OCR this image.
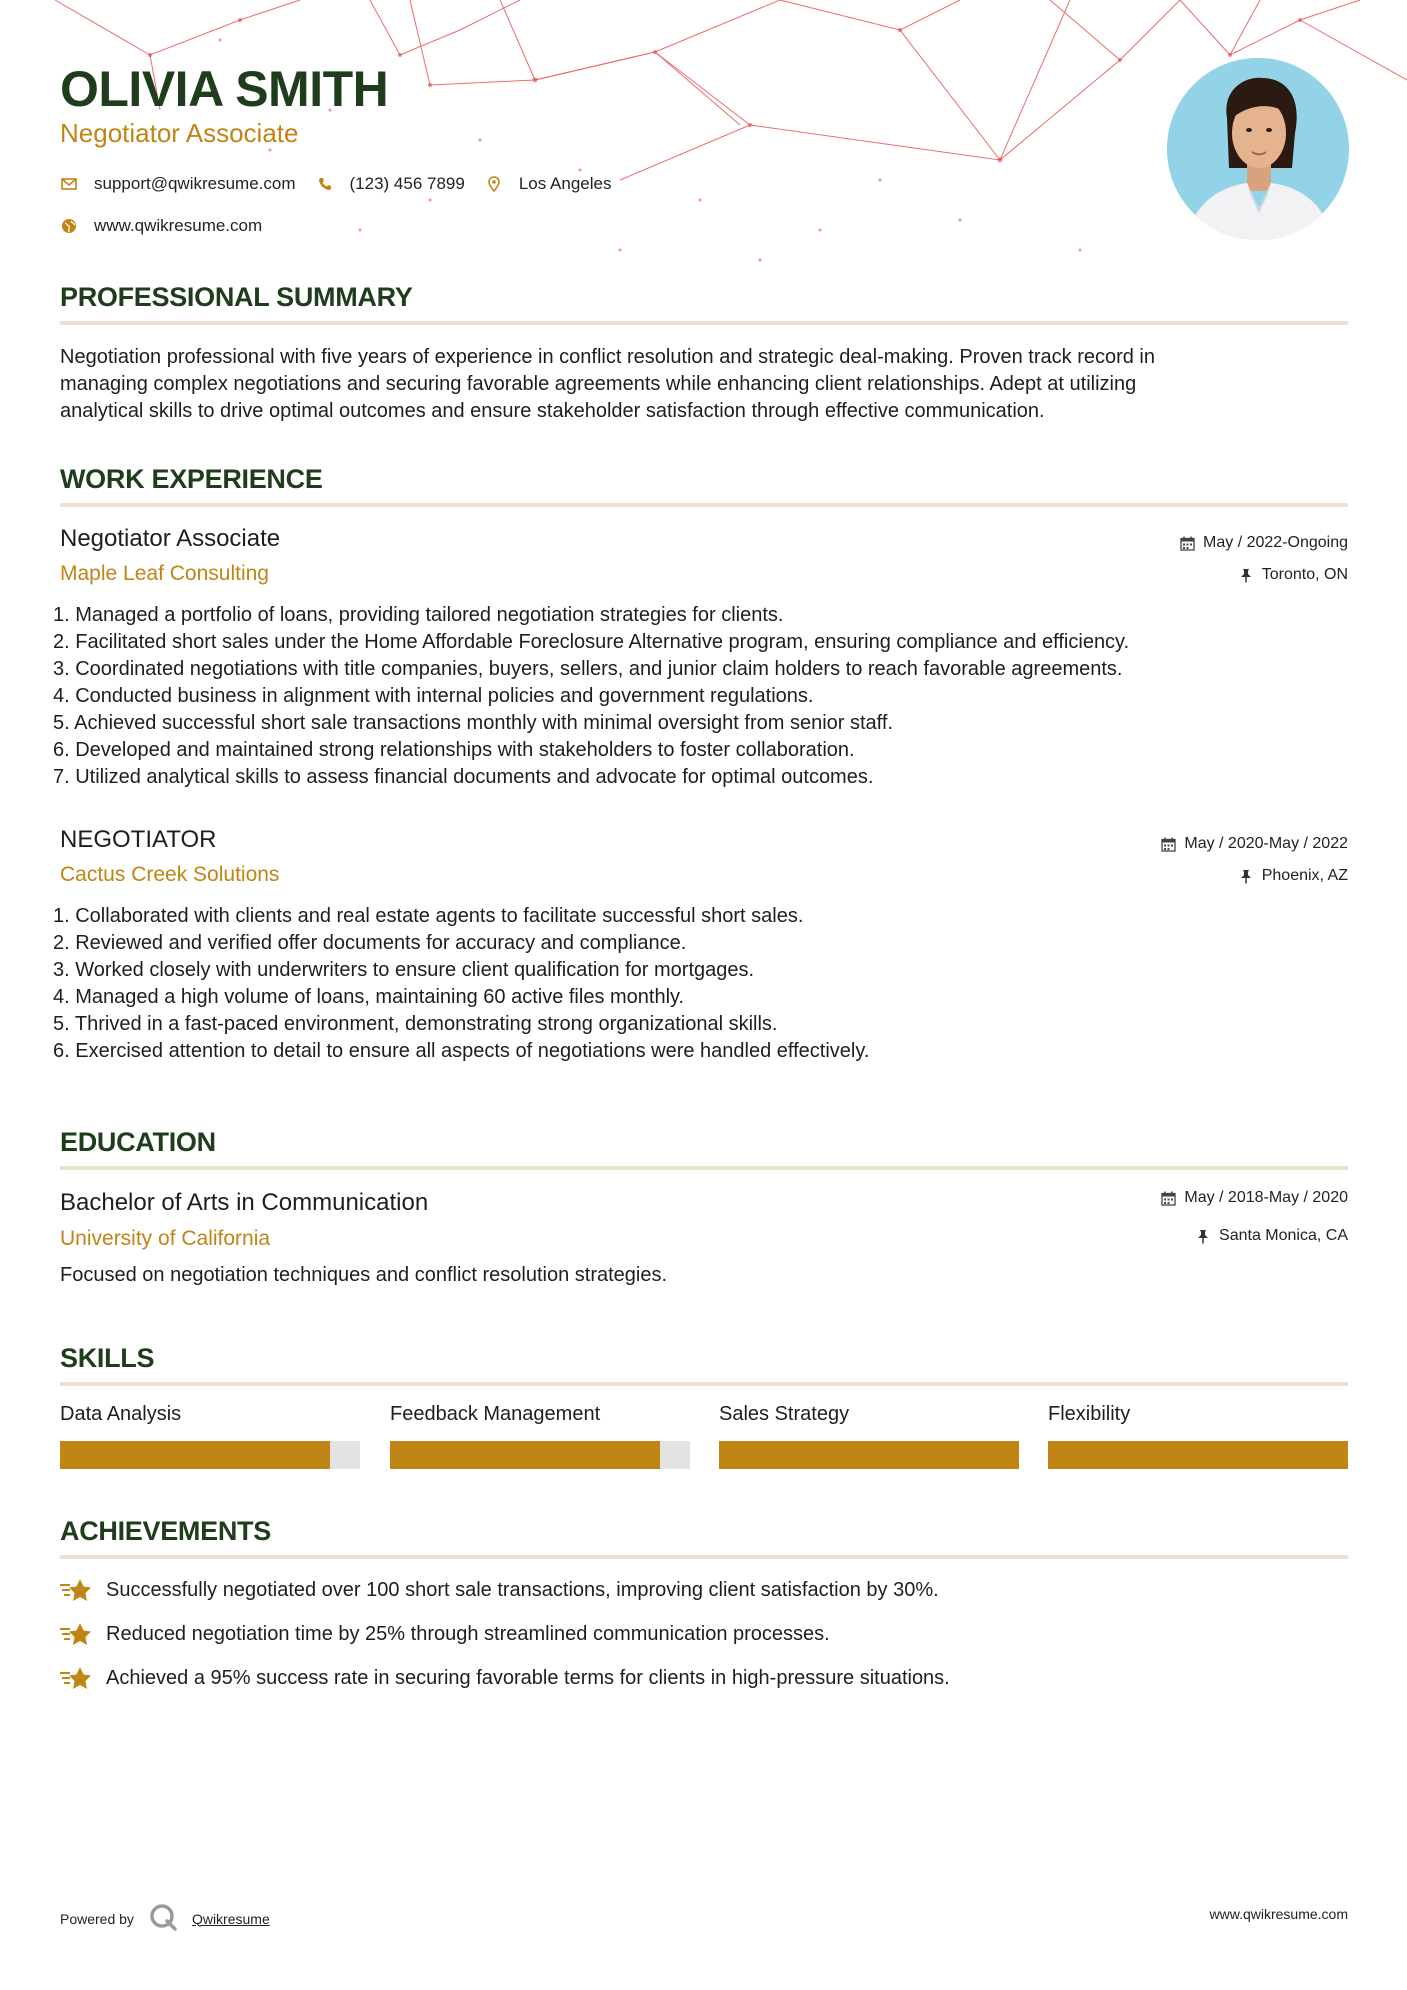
OLIVIA SMITH
Negotiator Associate
support@qwikresume.com	(123) 456 7899	Los Angeles
www.qwikresume.com
PROFESSIONAL SUMMARY
Negotiation professional with five years of experience in conflict resolution and strategic deal-making. Proven track record in
managing complex negotiations and securing favorable agreements while enhancing client relationships. Adept at utilizing
analytical skills to drive optimal outcomes and ensure stakeholder satisfaction through effective communication.
WORK EXPERIENCE
Negotiator Associate
Maple Leaf Consulting
May / 2022-Ongoing
Toronto, ON
1. Managed a portfolio of loans, providing tailored negotiation strategies for clients.
2. Facilitated short sales under the Home Affordable Foreclosure Alternative program, ensuring compliance and efficiency.
3. Coordinated negotiations with title companies, buyers, sellers, and junior claim holders to reach favorable agreements.
4. Conducted business in alignment with internal policies and government regulations.
5. Achieved successful short sale transactions monthly with minimal oversight from senior staff.
6. Developed and maintained strong relationships with stakeholders to foster collaboration.
7. Utilized analytical skills to assess financial documents and advocate for optimal outcomes.
NEGOTIATOR
Cactus Creek Solutions
May / 2020-May / 2022
Phoenix, AZ
1. Collaborated with clients and real estate agents to facilitate successful short sales.
2. Reviewed and verified offer documents for accuracy and compliance.
3. Worked closely with underwriters to ensure client qualification for mortgages.
4. Managed a high volume of loans, maintaining 60 active files monthly.
5. Thrived in a fast-paced environment, demonstrating strong organizational skills.
6. Exercised attention to detail to ensure all aspects of negotiations were handled effectively.
EDUCATION
Bachelor of Arts in Communication
University of California
May / 2018-May / 2020
Santa Monica, CA
Focused on negotiation techniques and conflict resolution strategies.
SKILLS
Data Analysis	Feedback Management	Sales Strategy	Flexibility
ACHIEVEMENTS
Successfully negotiated over 100 short sale transactions, improving client satisfaction by 30%.
Reduced negotiation time by 25% through streamlined communication processes.
Achieved a 95% success rate in securing favorable terms for clients in high-pressure situations.
Powered by	Qwikresume	www.qwikresume.com
